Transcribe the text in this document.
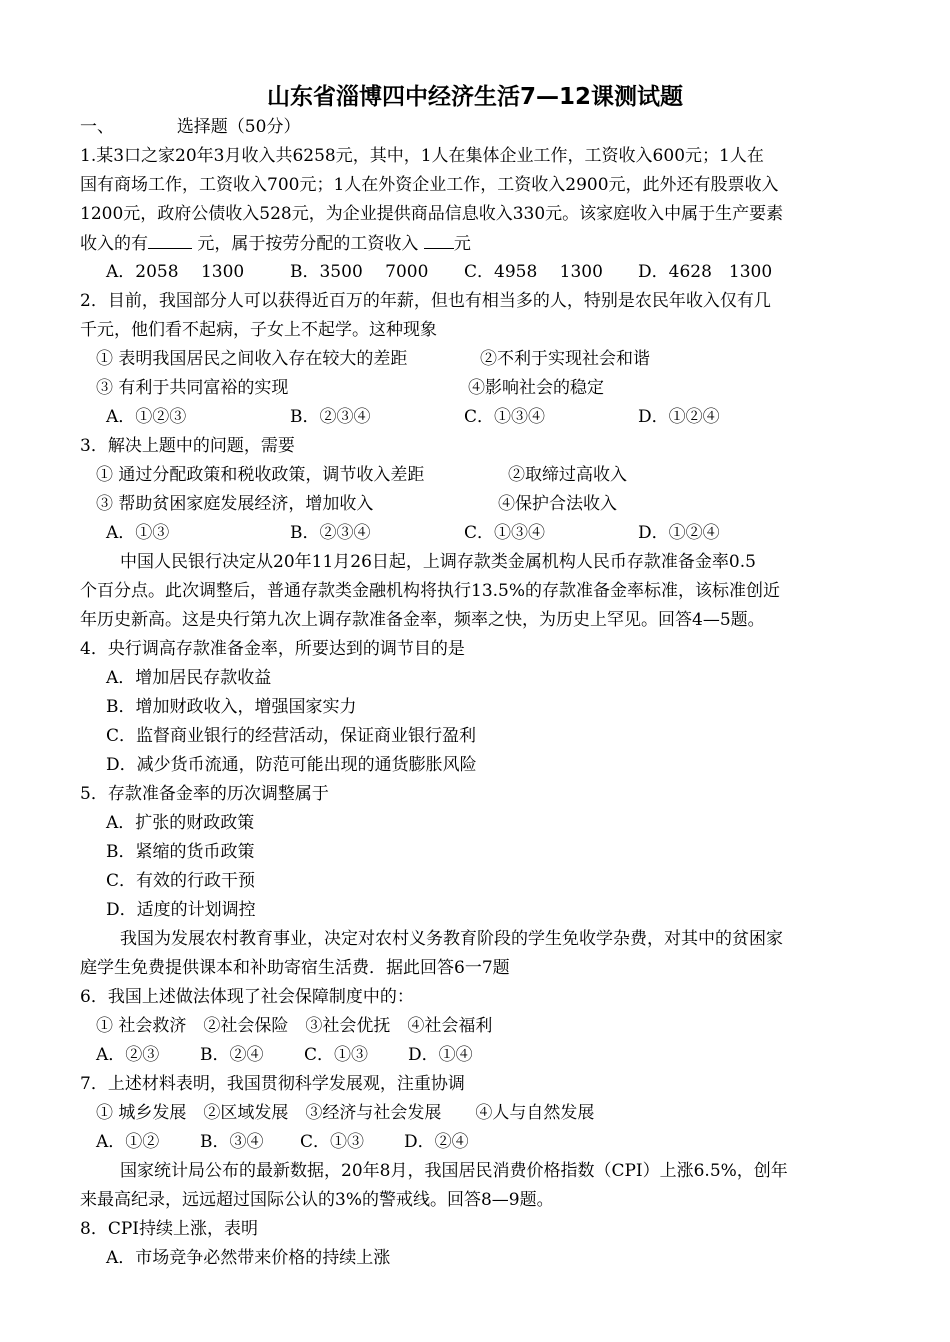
山东省淄博四中经济生活7—12课测试题
一、	选择题（50分）
1.某3口之家20年3月收入共6258元，其中，1人在集体企业工作，工资收入600元；1人在
国有商场工作，工资收入700元；1人在外资企业工作，工资收入2900元，此外还有股票收入
1200元，政府公债收入528元，为企业提供商品信息收入330元。该家庭收入中属于生产要素
收入的有	元，属于按劳分配的工资收入 元
A．2058　 1300	B．3500　 7000 C．4958　 1300 D．4628　1300
2．目前，我国部分人可以获得近百万的年薪，但也有相当多的人，特别是农民年收入仅有几
千元，他们看不起病，子女上不起学。这种现象
① 表明我国居民之间收入存在较大的差距	②不利于实现社会和谐
③ 有利于共同富裕的实现	④影响社会的稳定
A．①②③	B．②③④	C．①③④	D．①②④
3．解决上题中的问题，需要
① 通过分配政策和税收政策，调节收入差距	②取缔过高收入
③ 帮助贫困家庭发展经济，增加收入	④保护合法收入
A．①③	B．②③④	C．①③④	D．①②④
中国人民银行决定从20年11月26日起，上调存款类金属机构人民币存款准备金率0.5
个百分点。此次调整后，普通存款类金融机构将执行13.5%的存款准备金率标准，该标准创近
年历史新高。这是央行第九次上调存款准备金率，频率之快，为历史上罕见。回答4—5题。
4．央行调高存款准备金率，所要达到的调节目的是
A．增加居民存款收益
B．增加财政收入，增强国家实力
C．监督商业银行的经营活动，保证商业银行盈利
D．减少货币流通，防范可能出现的通货膨胀风险
5．存款准备金率的历次调整属于
A．扩张的财政政策
B．紧缩的货币政策
C．有效的行政干预
D．适度的计划调控
我国为发展农村教育事业，决定对农村义务教育阶段的学生免收学杂费，对其中的贫困家
庭学生免费提供课本和补助寄宿生活费．据此回答6一7题
6．我国上述做法体现了社会保障制度中的：
① 社会救济　②社会保险　③社会优抚　④社会福利
A．②③ B．②④ C．①③ D．①④
7．上述材料表明，我国贯彻科学发展观，注重协调
① 城乡发展　②区域发展　③经济与社会发展　　④人与自然发展
A．①② B．③④ C．①③ D．②④
国家统计局公布的最新数据，20年8月，我国居民消费价格指数（CPI）上涨6.5%，创年
来最高纪录，远远超过国际公认的3%的警戒线。回答8—9题。
8．CPI持续上涨，表明
A．市场竞争必然带来价格的持续上涨
